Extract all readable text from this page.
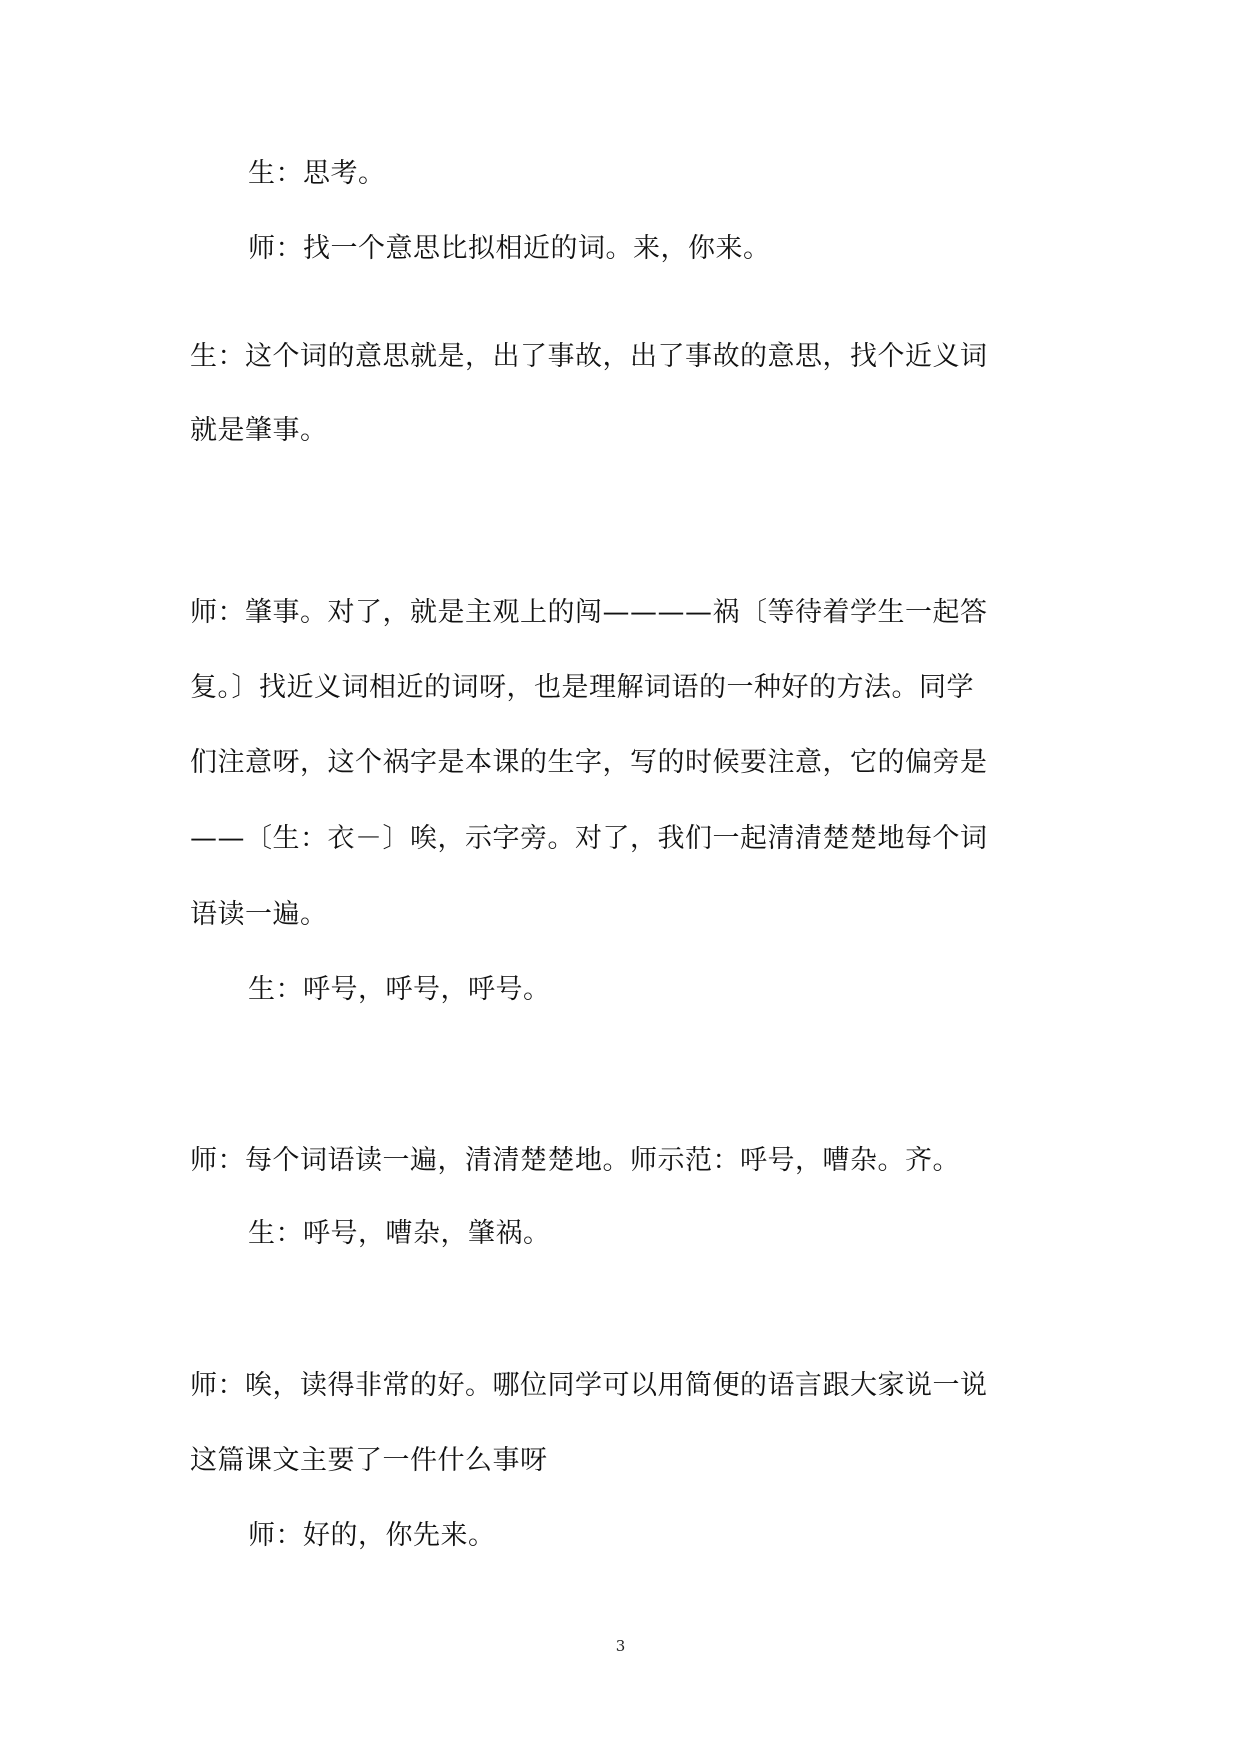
生：思考。
师：找一个意思比拟相近的词。来，你来。
生：这个词的意思就是，出了事故，出了事故的意思，找个近义词
就是肇事。
师：肇事。对了，就是主观上的闯————祸〔等待着学生一起答
复。〕找近义词相近的词呀，也是理解词语的一种好的方法。同学
们注意呀，这个祸字是本课的生字，写的时候要注意，它的偏旁是
——〔生：衣－〕唉，示字旁。对了，我们一起清清楚楚地每个词
语读一遍。
生：呼号，呼号，呼号。
师：每个词语读一遍，清清楚楚地。师示范：呼号，嘈杂。齐。
生：呼号，嘈杂，肇祸。
师：唉，读得非常的好。哪位同学可以用简便的语言跟大家说一说
这篇课文主要了一件什么事呀
师：好的，你先来。
3
